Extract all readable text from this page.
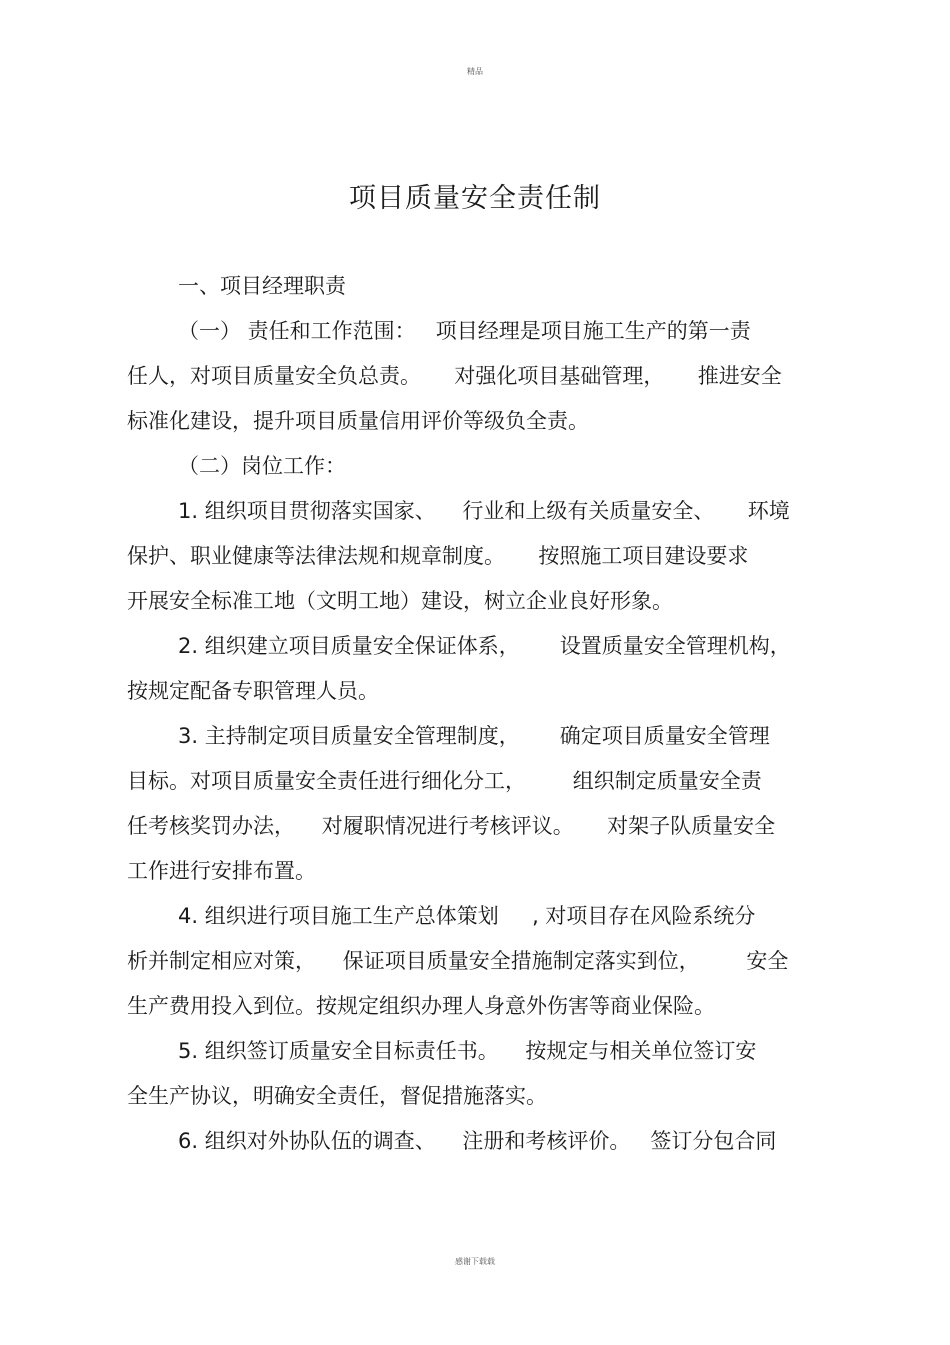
精品
项目质量安全责任制
一、项目经理职责
（一） 责任和工作范围：   项目经理是项目施工生产的第一责
任人，对项目质量安全负总责。     对强化项目基础管理，     推进安全
标准化建设，提升项目质量信用评价等级负全责。
（二）岗位工作：
1. 组织项目贯彻落实国家、    行业和上级有关质量安全、     环境
保护、职业健康等法律法规和规章制度。     按照施工项目建设要求
开展安全标准工地（文明工地）建设，树立企业良好形象。
2. 组织建立项目质量安全保证体系，      设置质量安全管理机构，
按规定配备专职管理人员。
3. 主持制定项目质量安全管理制度，      确定项目质量安全管理
目标。对项目质量安全责任进行细化分工，       组织制定质量安全责
任考核奖罚办法，    对履职情况进行考核评议。     对架子队质量安全
工作进行安排布置。
4. 组织进行项目施工生产总体策划     , 对项目存在风险系统分
析并制定相应对策，    保证项目质量安全措施制定落实到位，       安全
生产费用投入到位。按规定组织办理人身意外伤害等商业保险。
5. 组织签订质量安全目标责任书。    按规定与相关单位签订安
全生产协议，明确安全责任，督促措施落实。
6. 组织对外协队伍的调查、    注册和考核评价。   签订分包合同
感谢下载载
